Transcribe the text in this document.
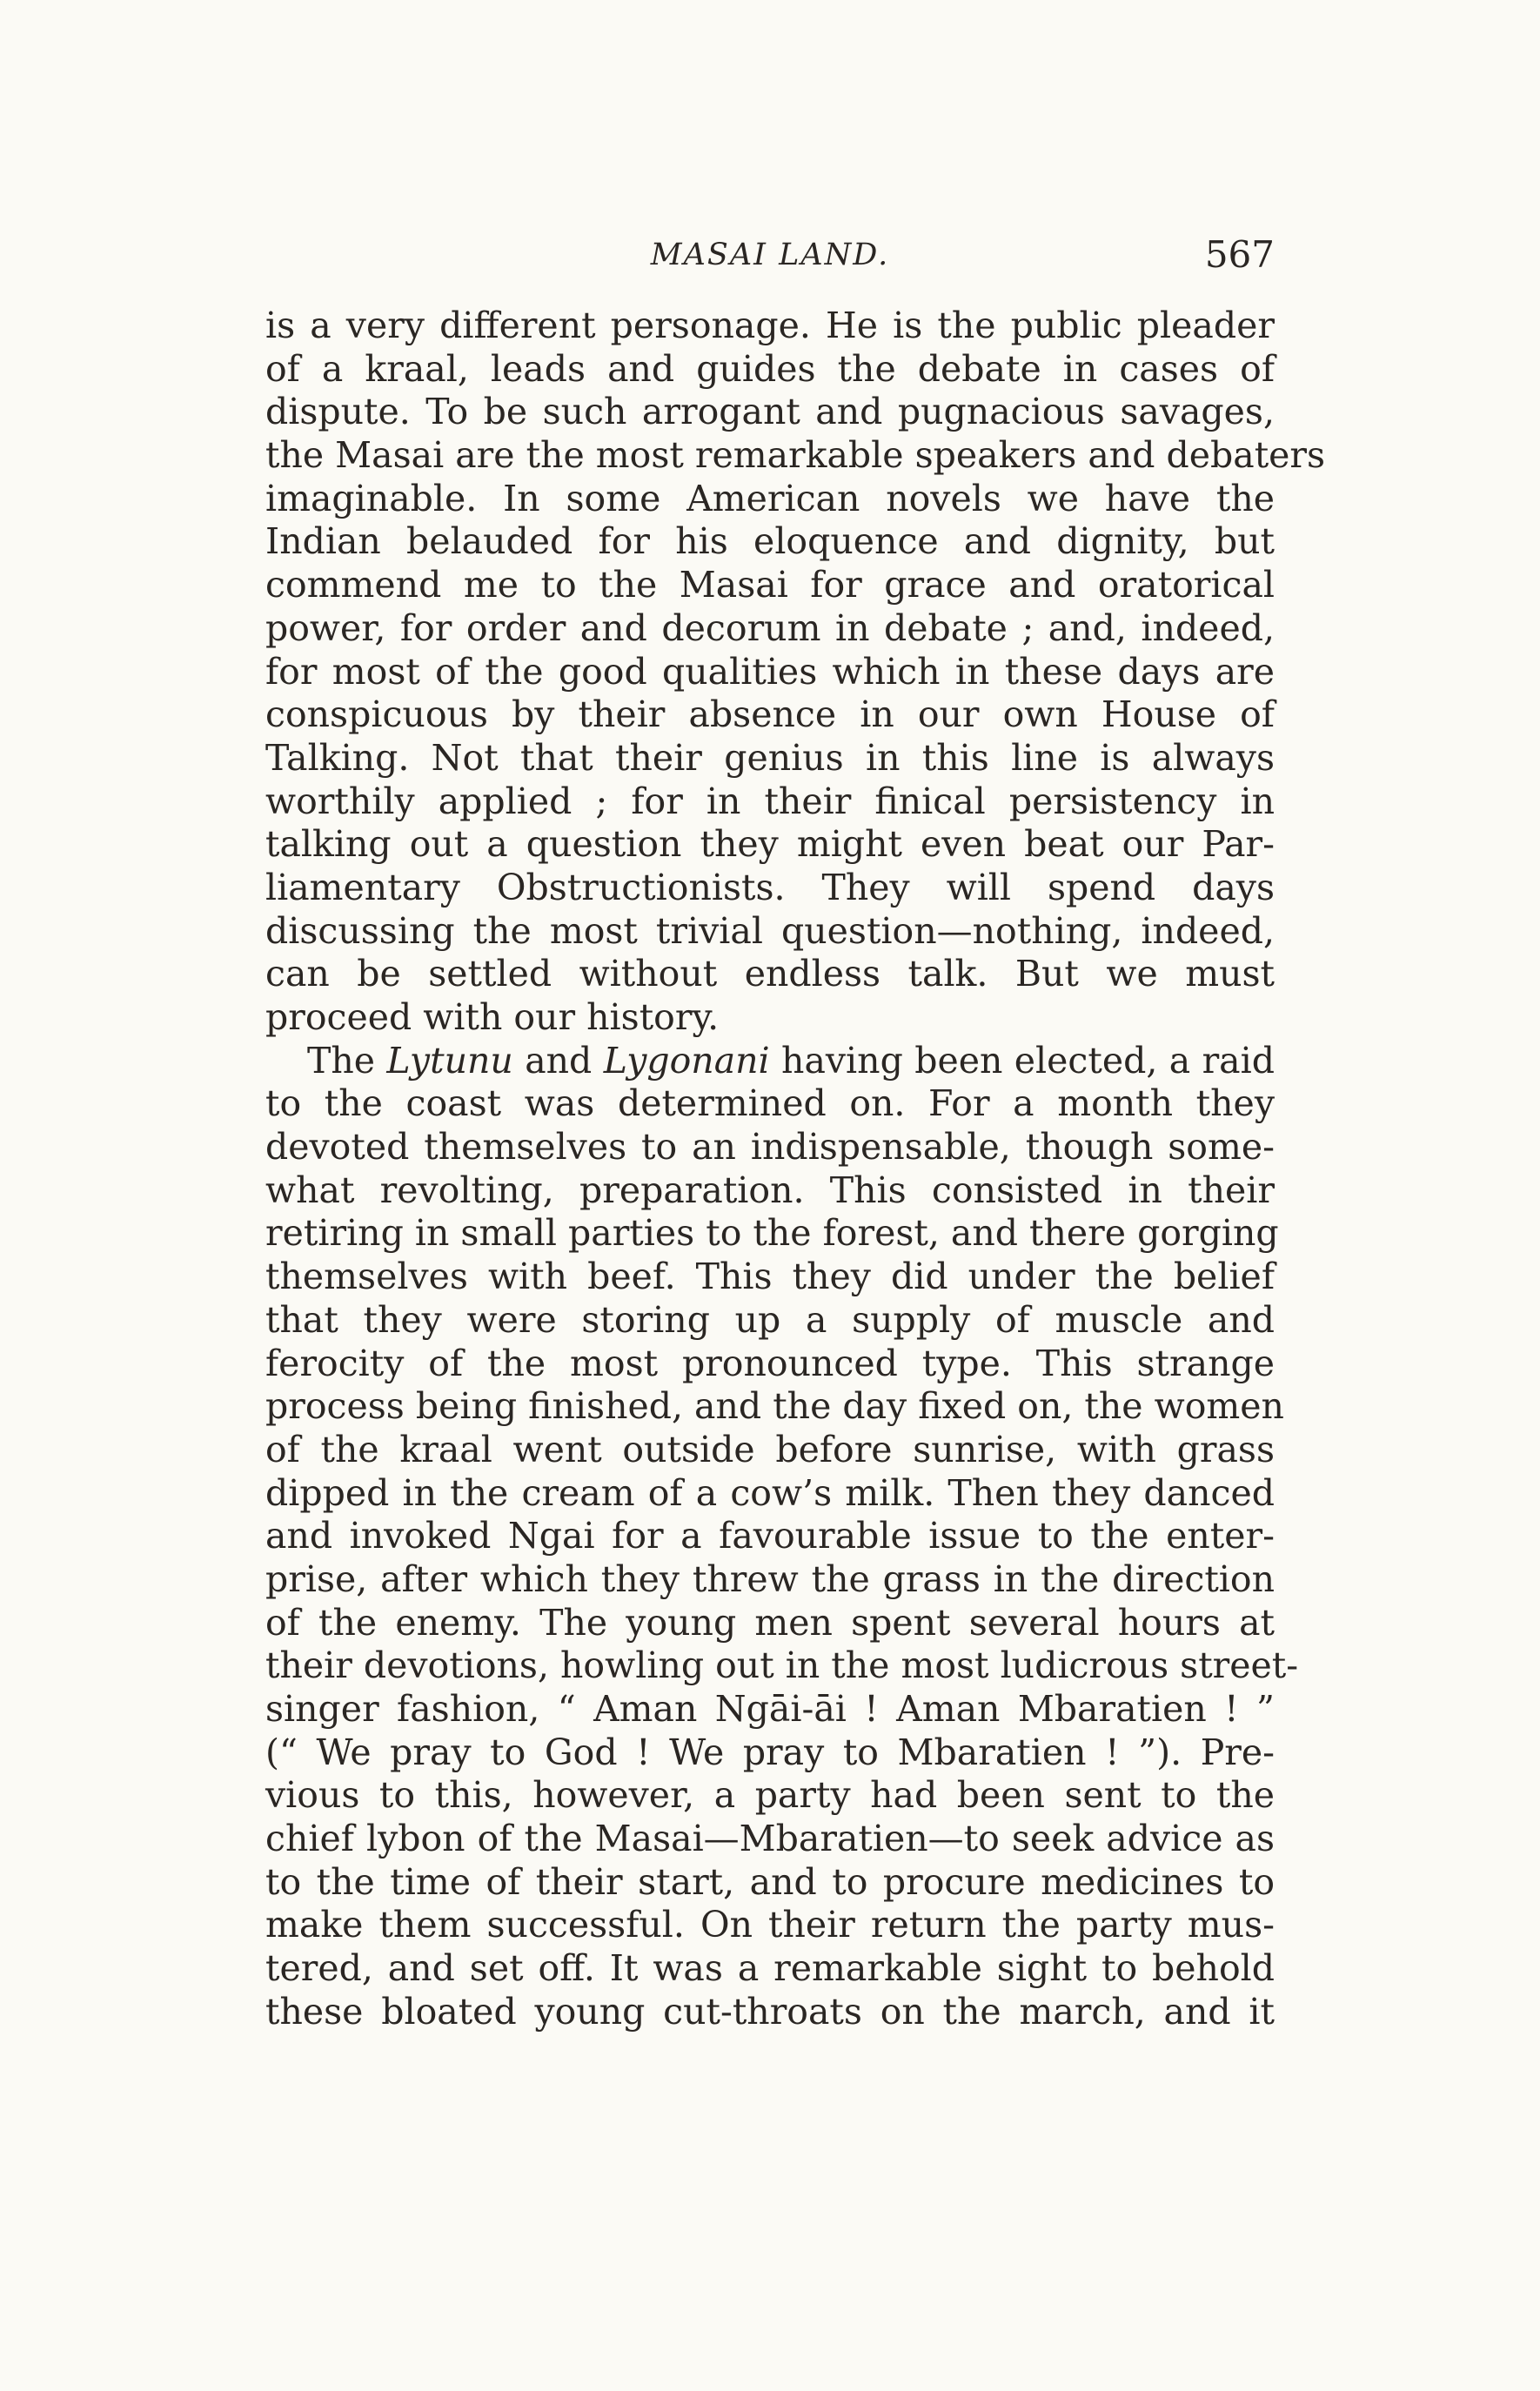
MASAI LAND.	567
is a very different personage. He is the public pleader
of a kraal, leads and guides the debate in cases of
dispute. To be such arrogant and pugnacious savages,
the Masai are the most remarkable speakers and debaters
imaginable. In some American novels we have the
Indian belauded for his eloquence and dignity, but
commend me to the Masai for grace and oratorical
power, for order and decorum in debate ; and, indeed,
for most of the good qualities which in these days are
conspicuous by their absence in our own House of
Talking. Not that their genius in this line is always
worthily applied ; for in their finical persistency in
talking out a question they might even beat our Par-
liamentary Obstructionists. They will spend days
discussing the most trivial question—nothing, indeed,
can be settled without endless talk. But we must
proceed with our history.
The Lytunu and Lygonani having been elected, a raid
to the coast was determined on. For a month they
devoted themselves to an indispensable, though some-
what revolting, preparation. This consisted in their
retiring in small parties to the forest, and there gorging
themselves with beef. This they did under the belief
that they were storing up a supply of muscle and
ferocity of the most pronounced type. This strange
process being finished, and the day fixed on, the women
of the kraal went outside before sunrise, with grass
dipped in the cream of a cow’s milk. Then they danced
and invoked Ngai for a favourable issue to the enter-
prise, after which they threw the grass in the direction
of the enemy. The young men spent several hours at
their devotions, howling out in the most ludicrous street-
singer fashion, “ Aman Ngāi-āi ! Aman Mbaratien ! ”
(“ We pray to God ! We pray to Mbaratien ! ”). Pre-
vious to this, however, a party had been sent to the
chief lybon of the Masai—Mbaratien—to seek advice as
to the time of their start, and to procure medicines to
make them successful. On their return the party mus-
tered, and set off. It was a remarkable sight to behold
these bloated young cut-throats on the march, and it
